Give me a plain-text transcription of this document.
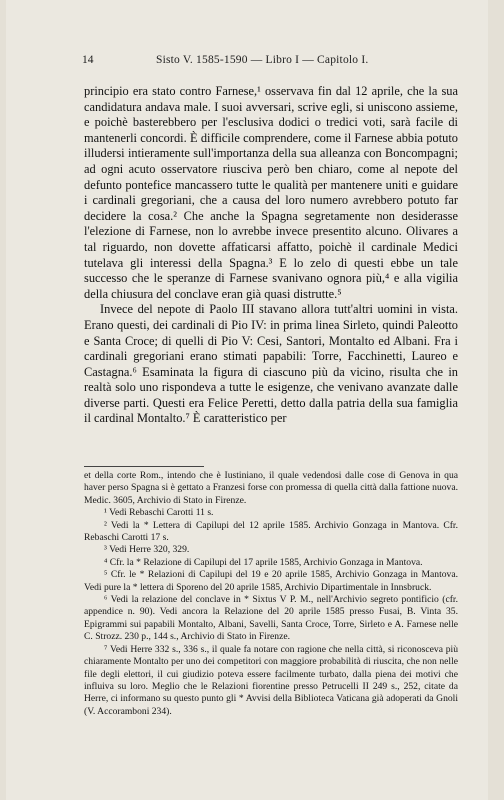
14	Sisto V. 1585-1590 — Libro I — Capitolo I.

principio era stato contro Farnese,¹ osservava fin dal 12 aprile, che la sua candidatura andava male. I suoi avversari, scrive egli, si uniscono assieme, e poichè basterebbero per l'esclusiva dodici o tredici voti, sarà facile di mantenerli concordi. È difficile comprendere, come il Farnese abbia potuto illudersi intieramente sull'importanza della sua alleanza con Boncompagni; ad ogni acuto osservatore riusciva però ben chiaro, come al nepote del defunto pontefice mancassero tutte le qualità per mantenere uniti e guidare i cardinali gregoriani, che a causa del loro numero avrebbero potuto far decidere la cosa.² Che anche la Spagna segretamente non desiderasse l'elezione di Farnese, non lo avrebbe invece presentito alcuno. Olivares a tal riguardo, non dovette affaticarsi affatto, poichè il cardinale Medici tutelava gli interessi della Spagna.³ E lo zelo di questi ebbe un tale successo che le speranze di Farnese svanivano ognora più,⁴ e alla vigilia della chiusura del conclave eran già quasi distrutte.⁵

Invece del nepote di Paolo III stavano allora tutt'altri uomini in vista. Erano questi, dei cardinali di Pio IV: in prima linea Sirleto, quindi Paleotto e Santa Croce; di quelli di Pio V: Cesi, Santori, Montalto ed Albani. Fra i cardinali gregoriani erano stimati papabili: Torre, Facchinetti, Laureo e Castagna.⁶ Esaminata la figura di ciascuno più da vicino, risulta che in realtà solo uno rispondeva a tutte le esigenze, che venivano avanzate dalle diverse parti. Questi era Felice Peretti, detto dalla patria della sua famiglia il cardinal Montalto.⁷ È caratteristico per

et della corte Rom., intendo che è Iustiniano, il quale vedendosi dalle cose di Genova in qua haver perso Spagna si è gettato a Franzesi forse con promessa di quella città dalla fattione nuova. Medic. 3605, Archivio di Stato in Firenze.

¹ Vedi Rebaschi Carotti 11 s.

² Vedi la * Lettera di Capilupi del 12 aprile 1585. Archivio Gonzaga in Mantova. Cfr. Rebaschi Carotti 17 s.

³ Vedi Herre 320, 329.

⁴ Cfr. la * Relazione di Capilupi del 17 aprile 1585, Archivio Gonzaga in Mantova.

⁵ Cfr. le * Relazioni di Capilupi del 19 e 20 aprile 1585, Archivio Gonzaga in Mantova. Vedi pure la * lettera di Sporeno del 20 aprile 1585, Archivio Dipartimentale in Innsbruck.

⁶ Vedi la relazione del conclave in * Sixtus V P. M., nell'Archivio segreto pontificio (cfr. appendice n. 90). Vedi ancora la Relazione del 20 aprile 1585 presso Fusai, B. Vinta 35. Epigrammi sui papabili Montalto, Albani, Savelli, Santa Croce, Torre, Sirleto e A. Farnese nelle C. Strozz. 230 p., 144 s., Archivio di Stato in Firenze.

⁷ Vedi Herre 332 s., 336 s., il quale fa notare con ragione che nella città, si riconosceva più chiaramente Montalto per uno dei competitori con maggiore probabilità di riuscita, che non nelle file degli elettori, il cui giudizio poteva essere facilmente turbato, dalla piena dei motivi che influiva su loro. Meglio che le Relazioni fiorentine presso Petrucelli II 249 s., 252, citate da Herre, ci informano su questo punto gli * Avvisi della Biblioteca Vaticana già adoperati da Gnoli (V. Accoramboni 234).
